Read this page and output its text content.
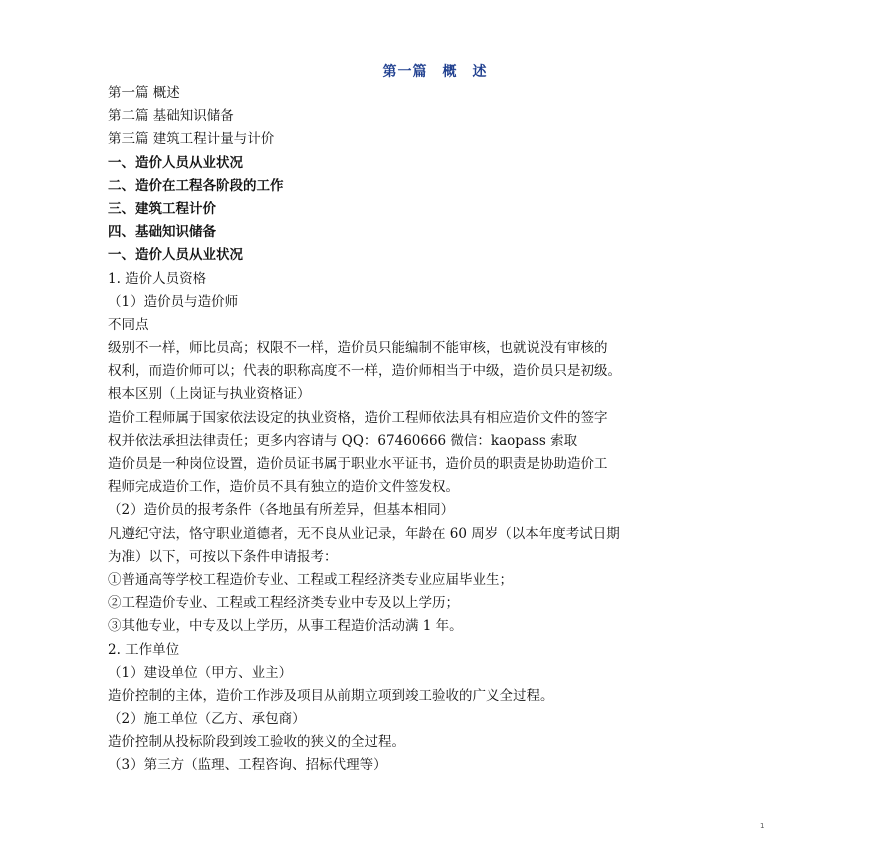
第一篇　概　述
第一篇 概述
第二篇 基础知识储备
第三篇 建筑工程计量与计价
一、造价人员从业状况
二、造价在工程各阶段的工作
三、建筑工程计价
四、基础知识储备
一、造价人员从业状况
1. 造价人员资格
（1）造价员与造价师
不同点
级别不一样，师比员高；权限不一样，造价员只能编制不能审核，也就说没有审核的
权利，而造价师可以；代表的职称高度不一样，造价师相当于中级，造价员只是初级。
根本区别（上岗证与执业资格证）
造价工程师属于国家依法设定的执业资格，造价工程师依法具有相应造价文件的签字
权并依法承担法律责任；更多内容请与 QQ：67460666 微信：kaopass 索取
造价员是一种岗位设置，造价员证书属于职业水平证书，造价员的职责是协助造价工
程师完成造价工作，造价员不具有独立的造价文件签发权。
（2）造价员的报考条件（各地虽有所差异，但基本相同）
凡遵纪守法，恪守职业道德者，无不良从业记录，年龄在 60 周岁（以本年度考试日期
为准）以下，可按以下条件申请报考：
①普通高等学校工程造价专业、工程或工程经济类专业应届毕业生；
②工程造价专业、工程或工程经济类专业中专及以上学历；
③其他专业，中专及以上学历，从事工程造价活动满 1 年。
2. 工作单位
（1）建设单位（甲方、业主）
造价控制的主体，造价工作涉及项目从前期立项到竣工验收的广义全过程。
（2）施工单位（乙方、承包商）
造价控制从投标阶段到竣工验收的狭义的全过程。
（3）第三方（监理、工程咨询、招标代理等）
1
